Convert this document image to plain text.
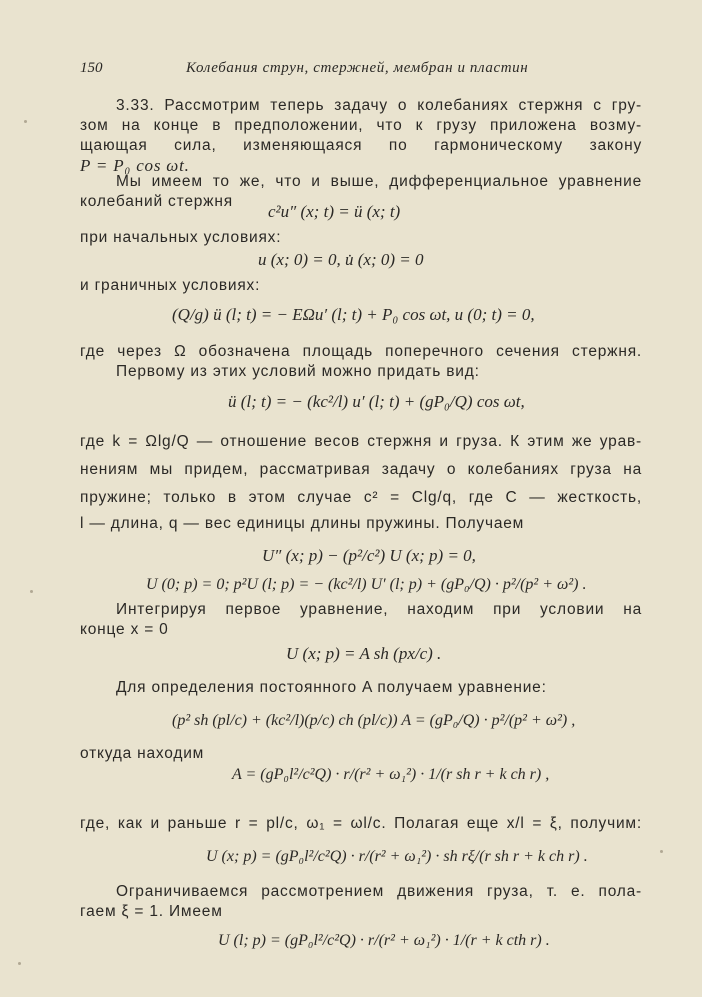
150	Колебания струн, стержней, мембран и пластин
3.33. Рассмотрим теперь задачу о колебаниях стержня с гру-
зом на конце в предположении, что к грузу приложена возму-
щающая сила, изменяющаяся по гармоническому закону
P = P₀ cos ωt.
Мы имеем то же, что и выше, дифференциальное уравнение
колебаний стержня
c²u″ (x; t) = ü (x; t)
при начальных условиях:
u (x; 0) = 0, u̇ (x; 0) = 0
и граничных условиях:
(Q/g) ü (l; t) = − EΩu′ (l; t) + P₀ cos ωt, u (0; t) = 0,
где через Ω обозначена площадь поперечного сечения стержня.
Первому из этих условий можно придать вид:
ü (l; t) = − (kc²/l) u′ (l; t) + (gP₀/Q) cos ωt,
где k = Ωlg/Q — отношение весов стержня и груза. К этим же урав-
нениям мы придем, рассматривая задачу о колебаниях груза на
пружине; только в этом случае c² = Clg/q, где C — жесткость,
l — длина, q — вес единицы длины пружины. Получаем
U″ (x; p) − (p²/c²) U (x; p) = 0,
U (0; p) = 0; p²U (l; p) = − (kc²/l) U′ (l; p) + (gP₀/Q) · p²/(p² + ω²) .
Интегрируя первое уравнение, находим при условии на
конце x = 0
U (x; p) = A sh (px/c) .
Для определения постоянного A получаем уравнение:
(p² sh (pl/c) + (kc²/l)(p/c) ch (pl/c)) A = (gP₀/Q) · p²/(p² + ω²) ,
откуда находим
A = (gP₀l²/c²Q) · r/(r² + ω₁²) · 1/(r sh r + k ch r) ,
где, как и раньше r = pl/c, ω₁ = ωl/c. Полагая еще x/l = ξ, получим:
U (x; p) = (gP₀l²/c²Q) · r/(r² + ω₁²) · sh rξ/(r sh r + k ch r) .
Ограничиваемся рассмотрением движения груза, т. е. пола-
гаем ξ = 1. Имеем
U (l; p) = (gP₀l²/c²Q) · r/(r² + ω₁²) · 1/(r + k cth r) .
